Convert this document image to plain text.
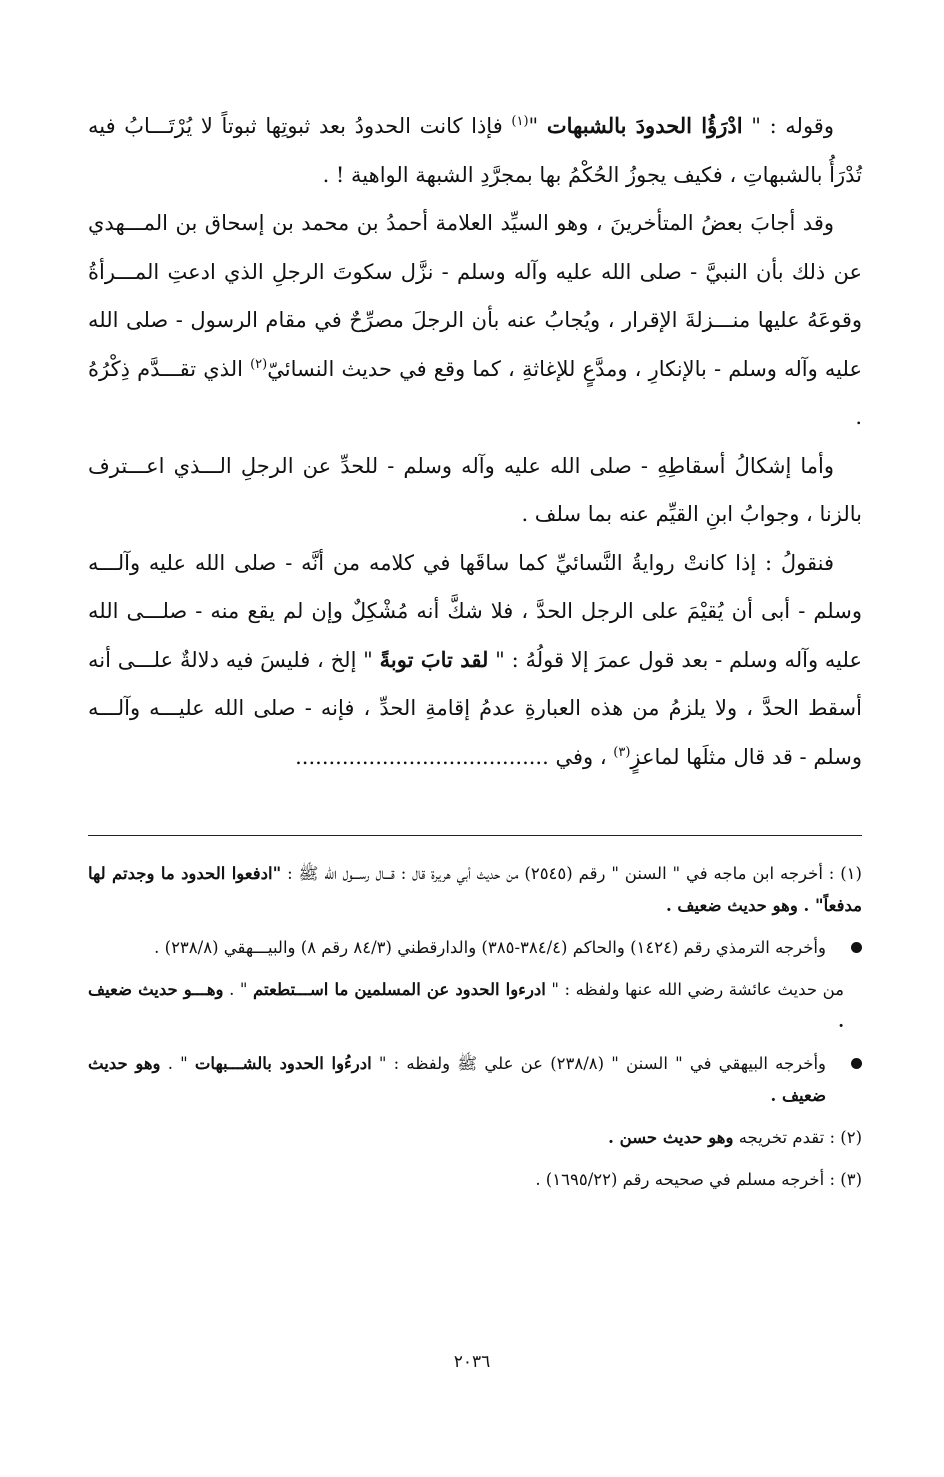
وقوله : " ادْرَؤُا الحدودَ بالشبهات "$^{(١)}$ فإذا كانت الحدودُ بعد ثبوتِها ثبوتاً لا يُرْتَـــابُ فيه تُدْرَأُ بالشبهاتِ ، فكيف يجوزُ الحُكْمُ بها بمجرَّدِ الشبهة الواهية ! .

وقد أجابَ بعضُ المتأخرينَ ، وهو السيِّد العلامة أحمدُ بن محمد بن إسحاق بن المـــهدي عن ذلك بأن النبيَّ - صلى الله عليه وآله وسلم - نزَّل سكوتَ الرجلِ الذي ادعتِ المـــرأةُ وقوعَهُ عليها منـــزلةَ الإقرار ، ويُجابُ عنه بأن الرجلَ مصرِّحٌ في مقام الرسول - صلى الله عليه وآله وسلم - بالإنكارِ ، ومدَّعٍ للإغاثةِ ، كما وقع في حديث النسائيّ$^{(٢)}$ الذي تقـــدَّم ذِكْرُهُ .

وأما إشكالُ أسقاطِهِ - صلى الله عليه وآله وسلم - للحدِّ عن الرجلِ الـــذي اعـــترف بالزنا ، وجوابُ ابنِ القيِّم عنه بما سلف .

فنقولُ : إذا كانتْ روايةُ النَّسائيِّ كما ساقَها في كلامه من أنَّه - صلى الله عليه وآلـــه وسلم - أبى أن يُقيْمَ على الرجل الحدَّ ، فلا شكَّ أنه مُشْكِلٌ وإن لم يقع منه - صلـــى الله عليه وآله وسلم - بعد قول عمرَ إلا قولُهُ : " لقد تابَ توبةً " إلخ ، فليسَ فيه دلالةٌ علـــى أنه أسقط الحدَّ ، ولا يلزمُ من هذه العبارةِ عدمُ إقامةِ الحدِّ ، فإنه - صلى الله عليـــه وآلـــه وسلم - قد قال مثلَها لماعزٍ$^{(٣)}$ ، وفي ......................................

(١) : أخرجه ابن ماجه في " السنن " رقم (٢٥٤٥) من حديث أبي هريرة قال : قـــال رســـول الله ﷺ : "ادفعوا الحدود ما وجدتم لها مدفعاً" . وهو حديث ضعيف .

وأخرجه الترمذي رقم (١٤٢٤) والحاكم (٣٨٤/٤-٣٨٥) والدارقطني (٨٤/٣ رقم ٨) والبيـــهقي (٢٣٨/٨) .

من حديث عائشة رضي الله عنها ولفظه : " ادرءوا الحدود عن المسلمين ما اســـتطعتم " . وهـــو حديث ضعيف .

وأخرجه البيهقي في " السنن " (٢٣٨/٨) عن علي ﷺ ولفظه : " ادرءُوا الحدود بالشـــبهات " . وهو حديث ضعيف .

(٢) : تقدم تخريجه وهو حديث حسن .

(٣) : أخرجه مسلم في صحيحه رقم (١٦٩٥/٢٢) .

٢٠٣٦
